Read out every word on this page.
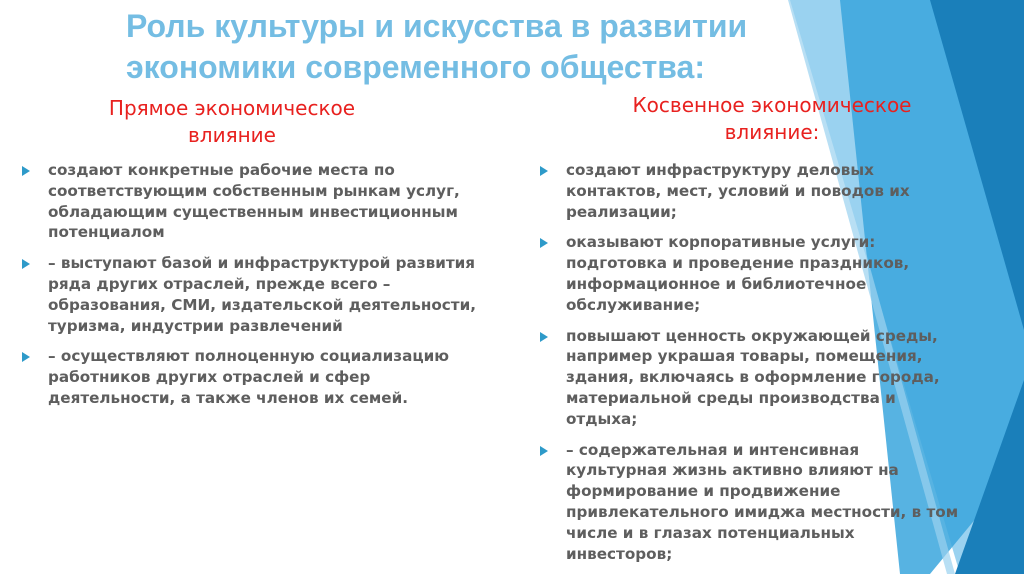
Роль культуры и искусства в развитии
экономики современного общества:
Прямое экономическое
влияние
Косвенное экономическое
влияние:
создают конкретные рабочие места по
соответствующим собственным рынкам услуг,
обладающим существенным инвестиционным
потенциалом
– выступают базой и инфраструктурой развития
ряда других отраслей, прежде всего –
образования, СМИ, издательской деятельности,
туризма, индустрии развлечений
– осуществляют полноценную социализацию
работников других отраслей и сфер
деятельности, а также членов их семей.
создают инфраструктуру деловых
контактов, мест, условий и поводов их
реализации;
оказывают корпоративные услуги:
подготовка и проведение праздников,
информационное и библиотечное
обслуживание;
повышают ценность окружающей среды,
например украшая товары, помещения,
здания, включаясь в оформление города,
материальной среды производства и
отдыха;
– содержательная и интенсивная
культурная жизнь активно влияют на
формирование и продвижение
привлекательного имиджа местности, в том
числе и в глазах потенциальных
инвесторов;
